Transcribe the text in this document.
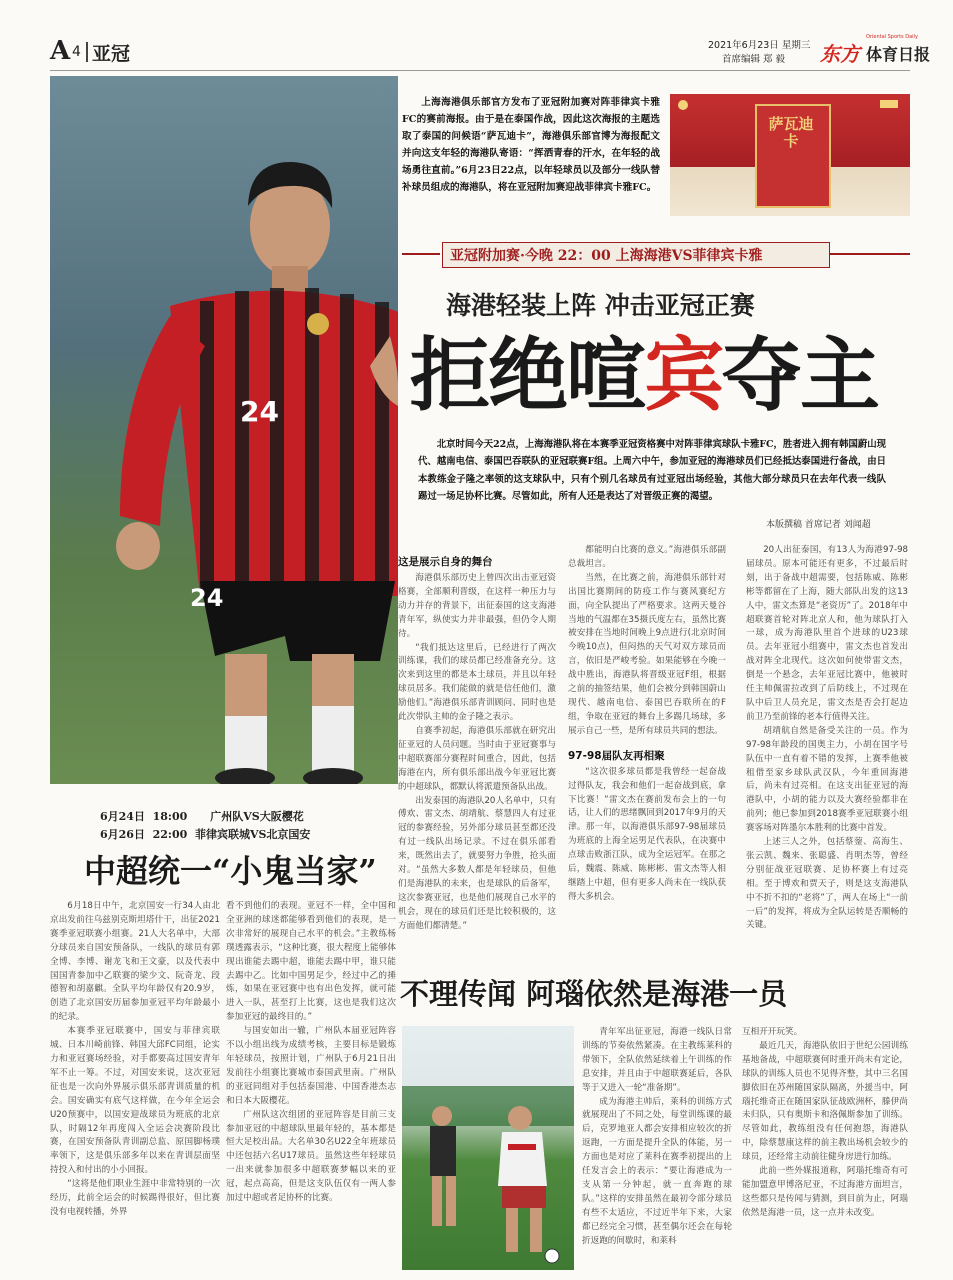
A 4 亚冠	2021年6月23日 星期三
首席编辑 郑 毅 东方
Oriental Sports Daily
体育日报
24
24

上海海港俱乐部官方发布了亚冠附加赛对阵菲律宾卡雅FC的赛前海报。由于是在泰国作战，因此这次海报的主题选取了泰国的问候语“萨瓦迪卡”，海港俱乐部官博为海报配文并向这支年轻的海港队寄语：“挥洒青春的汗水，在年轻的战场勇往直前。”6月23日22点，以年轻球员以及部分一线队替补球员组成的海港队，将在亚冠附加赛迎战菲律宾卡雅FC。

萨瓦迪卡
亚冠附加赛·今晚 22：00 上海海港VS菲律宾卡雅
海港轻装上阵 冲击亚冠正赛
拒绝喧宾夺主

北京时间今天22点，上海海港队将在本赛季亚冠资格赛中对阵菲律宾球队卡雅FC，胜者进入拥有韩国蔚山现代、越南电信、泰国巴吞联队的亚冠联赛F组。上周六中午，参加亚冠的海港球员们已经抵达泰国进行备战，由日本教练金子隆之率领的这支球队中，只有个别几名球员有过亚冠出场经验，其他大部分球员只在去年代表一线队踢过一场足协杯比赛。尽管如此，所有人还是表达了对晋级正赛的渴望。

本版撰稿 首席记者 刘闻超
这是展示自身的舞台

海港俱乐部历史上曾四次出击亚冠资格赛，全部顺利晋级，在这样一种压力与动力并存的背景下，出征泰国的这支海港青年军，纵使实力并非最强，但仍令人期待。

“我们抵达这里后，已经进行了两次训练课，我们的球员都已经准备充分。这次来到这里的都是本土球员，并且以年轻球员居多。我们能做的就是信任他们，激励他们。”海港俱乐部青训顾问、同时也是此次带队主帅的金子隆之表示。

自赛季初起，海港俱乐部就在研究出征亚冠的人员问题。当时由于亚冠赛事与中超联赛部分赛程时间重合，因此，包括海港在内，所有俱乐部出战今年亚冠比赛的中超球队，都默认将派遣预备队出战。

出发泰国的海港队20人名单中，只有傅欢、雷文杰、胡靖航、蔡慧四人有过亚冠的参赛经验，另外部分球员甚至都还没有过一线队出场记录。不过在俱乐部看来，既然出去了，就要努力争胜，抢头面对。“虽然大多数人都是年轻球员，但他们是海港队的未来，也是球队的后备军，这次参赛亚冠，也是他们展现自己水平的机会，现在的球员们还是比较积极的，这方面他们都清楚。”

都能明白比赛的意义。”海港俱乐部副总裁坦言。

当然，在比赛之前，海港俱乐部针对出国比赛期间的防疫工作与赛风赛纪方面，向全队提出了严格要求。这两天曼谷当地的气温都在35摄氏度左右，虽然比赛被安排在当地时间晚上9点进行(北京时间今晚10点)，但闷热的天气对双方球员而言，依旧是严峻考验。如果能够在今晚一战中胜出，海港队将晋级亚冠F组，根据之前的抽签结果，他们会被分到韩国蔚山现代、越南电信、泰国巴吞联所在的F组，争取在亚冠的舞台上多踢几场球，多展示自己一些，是所有球员共同的想法。

97-98届队友再相聚

“这次很多球员都是我曾经一起奋战过得队友，我会和他们一起奋战到底，拿下比赛！”雷文杰在赛前发布会上的一句话，让人们的思绪飘回到2017年9月的天津。那一年，以海港俱乐部97-98届球员为班底的上海全运男足代表队，在决赛中点球击败浙江队，成为全运冠军。在那之后，魏震、陈威、陈彬彬、雷文杰等人相继踏上中超，但有更多人尚未在一线队获得大多机会。

20人出征泰国，有13人为海港97-98届球员。原本可能还有更多，不过最后时刻，出于备战中超需要，包括陈威、陈彬彬等都留在了上海，随大部队出发的这13人中，雷文杰算是“老资历”了。2018年中超联赛首轮对阵北京人和，他为球队打入一球，成为海港队里首个进球的U23球员。去年亚冠小组赛中，雷文杰也首发出战对阵全北现代。这次如何使带雷文杰，倒是一个悬念，去年亚冠比赛中，他被时任主帅佩雷拉改到了后防线上，不过现在队中后卫人员充足，雷文杰是否会打起边前卫乃至前锋的老本行值得关注。

胡靖航自然是备受关注的一员。作为97-98年龄段的国奥主力，小胡在国字号队伍中一直有着不错的发挥，上赛季他被租借至家乡球队武汉队，今年重回海港后，尚未有过亮相。在这支出征亚冠的海港队中，小胡的能力以及大赛经验都非在前列；他已参加到2018赛季亚冠联赛小组赛客场对阵墨尔本胜利的比赛中首发。

上述三人之外，包括蔡蓥、高海生、张云凯、魏来、张聪盛、肖明杰等，曾经分别征战亚冠联赛、足协杯赛上有过亮相。至于博欢和贾天子，则是这支海港队中不折不扣的“老将”了，两人在场上“一前一后”的发挥，将成为全队运转是否顺畅的关键。

6月24日  18:00      广州队VS大阪樱花
6月26日  22:00  菲律宾联城VS北京国安
中超统一“小鬼当家”

6月18日中午，北京国安一行34人由北京出发前往乌兹别克斯坦塔什干，出征2021赛季亚冠联赛小组赛。21人大名单中，大部分球员来自国安预备队，一线队的球员有郭全博、李博、谢龙飞和王文豪，以及代表中国国青参加中乙联赛的梁少文、阮奇龙、段德智和胡嘉麒。全队平均年龄仅有20.9岁，创造了北京国安历届参加亚冠平均年龄最小的纪录。

本赛季亚冠联赛中，国安与菲律宾联城、日本川崎前锋、韩国大邱FC同组，论实力和亚冠赛场经验，对手都要高过国安青年军不止一筹。不过，对国安来说，这次亚冠征也是一次向外界展示俱乐部青训质量的机会。国安确实有底气这样做，在今年全运会U20预赛中，以国安迎战球员为班底的北京队，时隔12年再度闯入全运会决赛阶段比赛，在国安预备队青训副总监、原国脚杨璞率领下，这是俱乐部多年以来在青训层面坚持投入和付出的小小回报。

“这将是他们职业生涯中非常特别的一次经历，此前全运会的时候踢得很好，但比赛没有电视转播，外界

看不到他们的表现。亚冠不一样，全中国和全亚洲的球迷都能够看到他们的表现，是一次非常好的展现自己水平的机会。”主教练杨璞透露表示，“这种比赛，很大程度上能够体现出谁能去踢中超，谁能去踢中甲，谁只能去踢中乙。比如中国男足少，经过中乙的捶炼，如果在亚冠赛中也有出色发挥，就可能进入一队，甚至打上比赛，这也是我们这次参加亚冠的最终目的。”

与国安如出一辙，广州队本届亚冠阵容不以小组出线为成绩考核，主要目标是锻炼年轻球员，按照计划，广州队于6月21日出发前往小组赛比赛城市泰国武里南。广州队的亚冠同组对手包括泰国港、中国香港杰志和日本大阪樱花。

广州队这次组团的亚冠阵容是目前三支参加亚冠的中超球队里最年轻的，基本都是恒大足校出品。大名单30名U22全年班球员中还包括六名U17球员。虽然这些年轻球员一出来就参加很多中超联赛梦幅以来的亚冠，起点高高，但是这支队伍仅有一两人参加过中超或者足协杯的比赛。

不理传闻 阿瑙依然是海港一员

青年军出征亚冠，海港一线队日常训练的节奏依然紧凑。在主教练莱科的带领下，全队依然延续着上午训练的作息安排，并且由于中超联赛延后，各队等于又进入一轮“准备期”。

成为海港主帅后，莱科的训练方式就展现出了不同之处，每堂训练课的最后，克罗地亚人都会安排相应较次的折返跑，一方面是提升全队的体能，另一方面也是对应了莱科在赛季初提出的上任发言会上的表示：“要让海港成为一支从第一分钟起，就一直奔跑的球队。”这样的安排虽然在最初令部分球员有些不太适应，不过近半年下来，大家都已经完全习惯，甚至偶尔还会在每轮折返跑的间歇时，和莱科

互相开开玩笑。

最近几天，海港队依旧于世纪公园训练基地备战，中超联赛何时重开尚未有定论，球队的训练人员也不见得齐整，其中三名国脚依旧在苏州随国家队隔离，外援当中，阿瑙托维奇正在随国家队征战欧洲杯，滕伊尚未归队，只有奥斯卡和洛佩斯参加了训练。尽管如此，教练组没有任何抱怨，海港队中，除蔡慧康这样的前主教出场机会较少的球员，还经常主动前往健身房进行加练。

此前一些外媒报道称，阿瑙托维奇有可能加盟意甲博洛尼亚，不过海港方面坦言，这些都只是传闻与猜测，到目前为止，阿瑙依然是海港一员，这一点并未改变。
